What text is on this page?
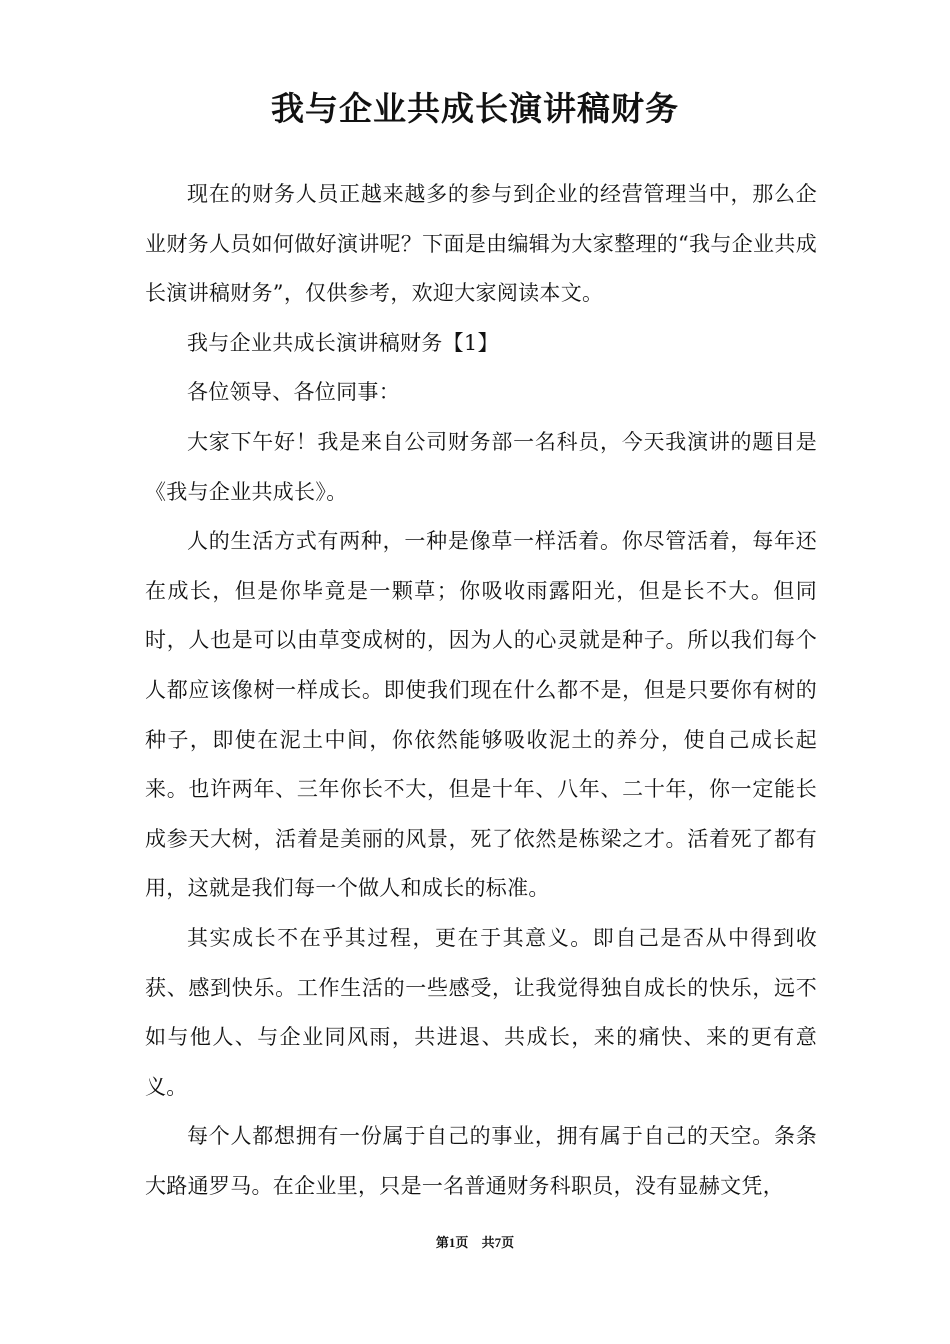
我与企业共成长演讲稿财务

现在的财务人员正越来越多的参与到企业的经营管理当中，那么企业财务人员如何做好演讲呢？下面是由编辑为大家整理的“我与企业共成长演讲稿财务”，仅供参考，欢迎大家阅读本文。

我与企业共成长演讲稿财务【1】

各位领导、各位同事：

大家下午好！我是来自公司财务部一名科员，今天我演讲的题目是《我与企业共成长》。

人的生活方式有两种，一种是像草一样活着。你尽管活着，每年还在成长，但是你毕竟是一颗草；你吸收雨露阳光，但是长不大。但同时，人也是可以由草变成树的，因为人的心灵就是种子。所以我们每个人都应该像树一样成长。即使我们现在什么都不是，但是只要你有树的种子，即使在泥土中间，你依然能够吸收泥土的养分，使自己成长起来。也许两年、三年你长不大，但是十年、八年、二十年，你一定能长成参天大树，活着是美丽的风景，死了依然是栋梁之才。活着死了都有用，这就是我们每一个做人和成长的标准。

其实成长不在乎其过程，更在于其意义。即自己是否从中得到收获、感到快乐。工作生活的一些感受，让我觉得独自成长的快乐，远不如与他人、与企业同风雨，共进退、共成长，来的痛快、来的更有意义。

每个人都想拥有一份属于自己的事业，拥有属于自己的天空。条条大路通罗马。在企业里，只是一名普通财务科职员，没有显赫文凭，

第1页 共7页
